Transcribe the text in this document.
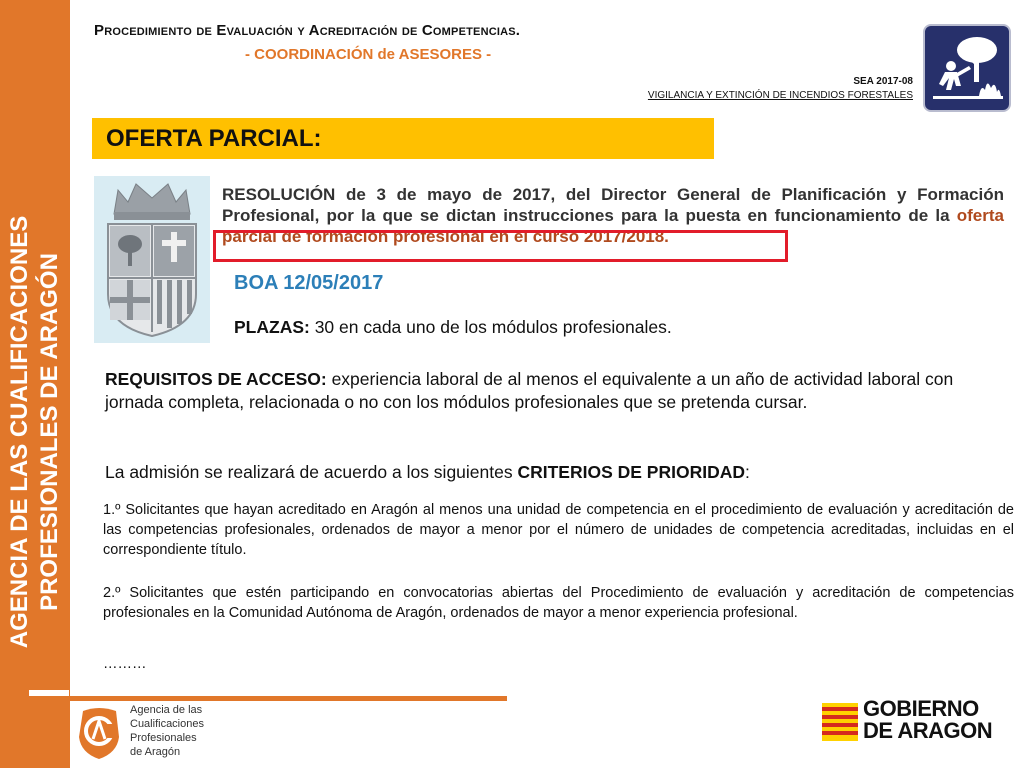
AGENCIA DE LAS CUALIFICACIONES PROFESIONALES DE ARAGÓN
Procedimiento de Evaluación y Acreditación de Competencias.
- COORDINACIÓN de ASESORES -
SEA 2017-08
VIGILANCIA Y EXTINCIÓN DE INCENDIOS FORESTALES
OFERTA PARCIAL:
RESOLUCIÓN de 3 de mayo de 2017, del Director General de Planificación y Formación Profesional, por la que se dictan instrucciones para la puesta en funcionamiento de la oferta parcial de formación profesional en el curso 2017/2018.
BOA 12/05/2017
PLAZAS: 30 en cada uno de los módulos profesionales.
REQUISITOS DE ACCESO: experiencia laboral de al menos el equivalente a un año de actividad laboral con jornada completa, relacionada o no con los módulos profesionales que se pretenda cursar.
La admisión se realizará de acuerdo a los siguientes CRITERIOS DE PRIORIDAD:
1.º Solicitantes que hayan acreditado en Aragón al menos una unidad de competencia en el procedimiento de evaluación y acreditación de las competencias profesionales, ordenados de mayor a menor por el número de unidades de competencia acreditadas, incluidas en el correspondiente título.
2.º Solicitantes que estén participando en convocatorias abiertas del Procedimiento de evaluación y acreditación de competencias profesionales en la Comunidad Autónoma de Aragón, ordenados de mayor a menor experiencia profesional.
………
Agencia de las
Cualificaciones
Profesionales
de Aragón
GOBIERNO
DE ARAGON
